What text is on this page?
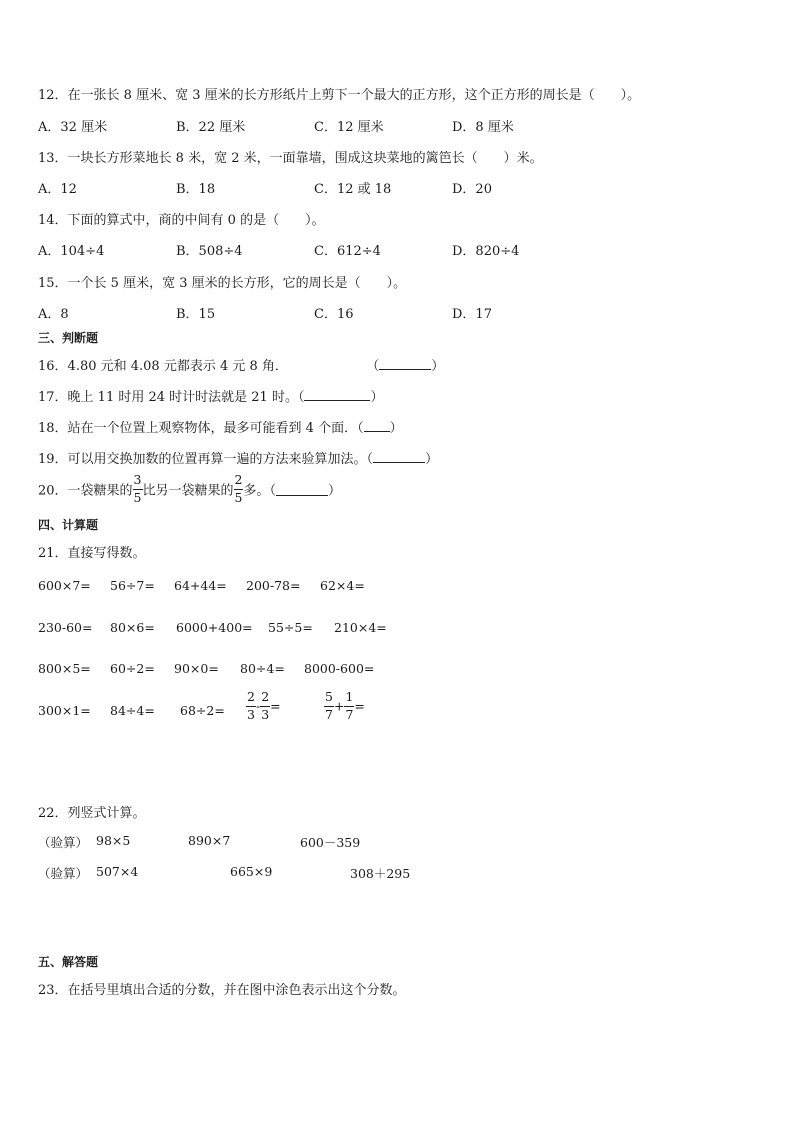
12．在一张长 8 厘米、宽 3 厘米的长方形纸片上剪下一个最大的正方形，这个正方形的周长是（　　）。
A．32 厘米	B．22 厘米	C．12 厘米	D．8 厘米
13．一块长方形菜地长 8 米，宽 2 米，一面靠墙，围成这块菜地的篱笆长（　　）米。
A．12	B．18	C．12 或 18	D．20
14．下面的算式中，商的中间有 0 的是（　　）。
A．104÷4	B．508÷4	C．612÷4	D．820÷4
15．一个长 5 厘米，宽 3 厘米的长方形，它的周长是（　　）。
A．8	B．15	C．16	D．17
三、判断题
16．4.80 元和 4.08 元都表示 4 元 8 角．	（	）
17．晚上 11 时用 24 时计时法就是 21 时。（	）
18．站在一个位置上观察物体，最多可能看到 4 个面．（ ）
19．可以用交换加数的位置再算一遍的方法来验算加法。（	）
20．一袋糖果的 $\frac{3}{5}$ 比另一袋糖果的 $\frac{2}{5}$ 多。（	）
四、计算题
21．直接写得数。
600×7= 56÷7= 64+44= 200-78= 62×4=
230-60= 80×6= 6000+400= 55÷5= 210×4=
800×5= 60÷2= 90×0= 80÷4= 8000-600=
$300\times 1= 84\div 4= 68\div 2= \frac{2}{3} - \frac{2}{3}$ =	$\frac{5}{7} + \frac{1}{7}$ =
22．列竖式计算。
（验算） 98×5	890×7	600－359
（验算） 507×4	665×9	308＋295
五、解答题
23．在括号里填出合适的分数，并在图中涂色表示出这个分数。
